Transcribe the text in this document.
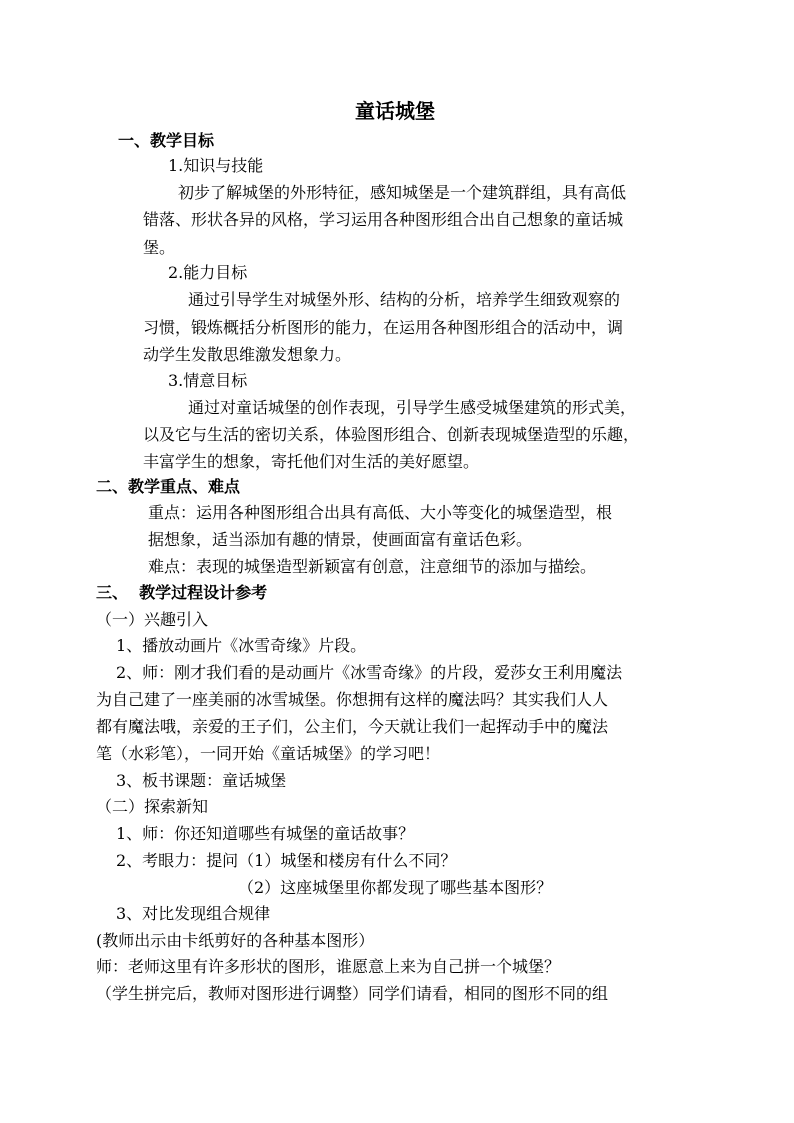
童话城堡
一、教学目标
1.知识与技能
初步了解城堡的外形特征，感知城堡是一个建筑群组，具有高低
错落、形状各异的风格，学习运用各种图形组合出自己想象的童话城
堡。
2.能力目标
通过引导学生对城堡外形、结构的分析，培养学生细致观察的
习惯，锻炼概括分析图形的能力，在运用各种图形组合的活动中，调
动学生发散思维激发想象力。
3.情意目标
通过对童话城堡的创作表现，引导学生感受城堡建筑的形式美，
以及它与生活的密切关系，体验图形组合、创新表现城堡造型的乐趣，
丰富学生的想象，寄托他们对生活的美好愿望。
二、教学重点、难点
重点：运用各种图形组合出具有高低、大小等变化的城堡造型，根
据想象，适当添加有趣的情景，使画面富有童话色彩。
难点：表现的城堡造型新颖富有创意，注意细节的添加与描绘。
三、  教学过程设计参考
（一）兴趣引入
1、播放动画片《冰雪奇缘》片段。
2、师：刚才我们看的是动画片《冰雪奇缘》的片段，爱莎女王利用魔法
为自己建了一座美丽的冰雪城堡。你想拥有这样的魔法吗？其实我们人人
都有魔法哦，亲爱的王子们，公主们，今天就让我们一起挥动手中的魔法
笔（水彩笔），一同开始《童话城堡》的学习吧！
3、板书课题：童话城堡
（二）探索新知
1、师：你还知道哪些有城堡的童话故事？
2、考眼力：提问（1）城堡和楼房有什么不同？
（2）这座城堡里你都发现了哪些基本图形？
3、对比发现组合规律
(教师出示由卡纸剪好的各种基本图形）
师：老师这里有许多形状的图形，谁愿意上来为自己拼一个城堡？
（学生拼完后，教师对图形进行调整）同学们请看，相同的图形不同的组
